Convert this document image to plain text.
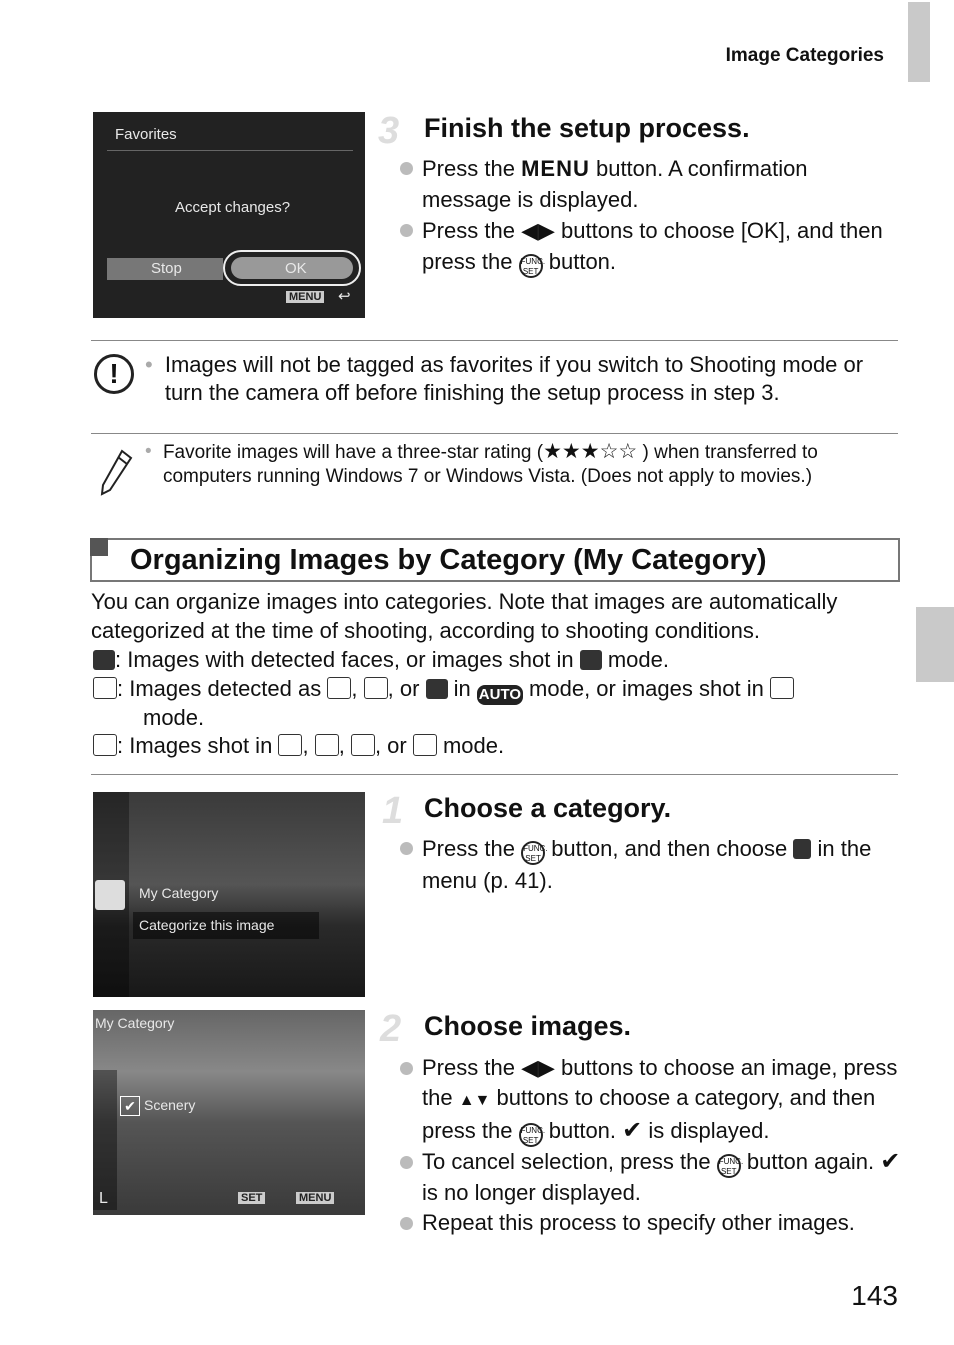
Image Categories
Favorites
Accept changes?
Stop	OK
MENU ↩
3 Finish the setup process.
Press the MENU button. A confirmation message is displayed.
Press the ◀▶ buttons to choose [OK], and then press the FUNC.
SET button.
!	• Images will not be tagged as favorites if you switch to Shooting mode or turn the camera off before finishing the setup process in step 3.
• Favorite images will have a three-star rating (★★★☆☆ ) when transferred to computers running Windows 7 or Windows Vista. (Does not apply to movies.)
Organizing Images by Category (My Category)
You can organize images into categories. Note that images are automatically categorized at the time of shooting, according to shooting conditions.
: Images with detected faces, or images shot in mode.
: Images detected as , , or in AUTO mode, or images shot in
mode.
: Images shot in , , , or mode.
My Category
Categorize this image
1 Choose a category.
Press the FUNC.
SET button, and then choose in the menu (p. 41).
My Category
✔ Scenery
L	SET	MENU
2 Choose images.
Press the ◀▶ buttons to choose an image, press the ▲▼ buttons to choose a category, and then press the FUNC.
SET button. ✔ is displayed.
To cancel selection, press the FUNC.
SET button again. ✔ is no longer displayed.
Repeat this process to specify other images.
143
